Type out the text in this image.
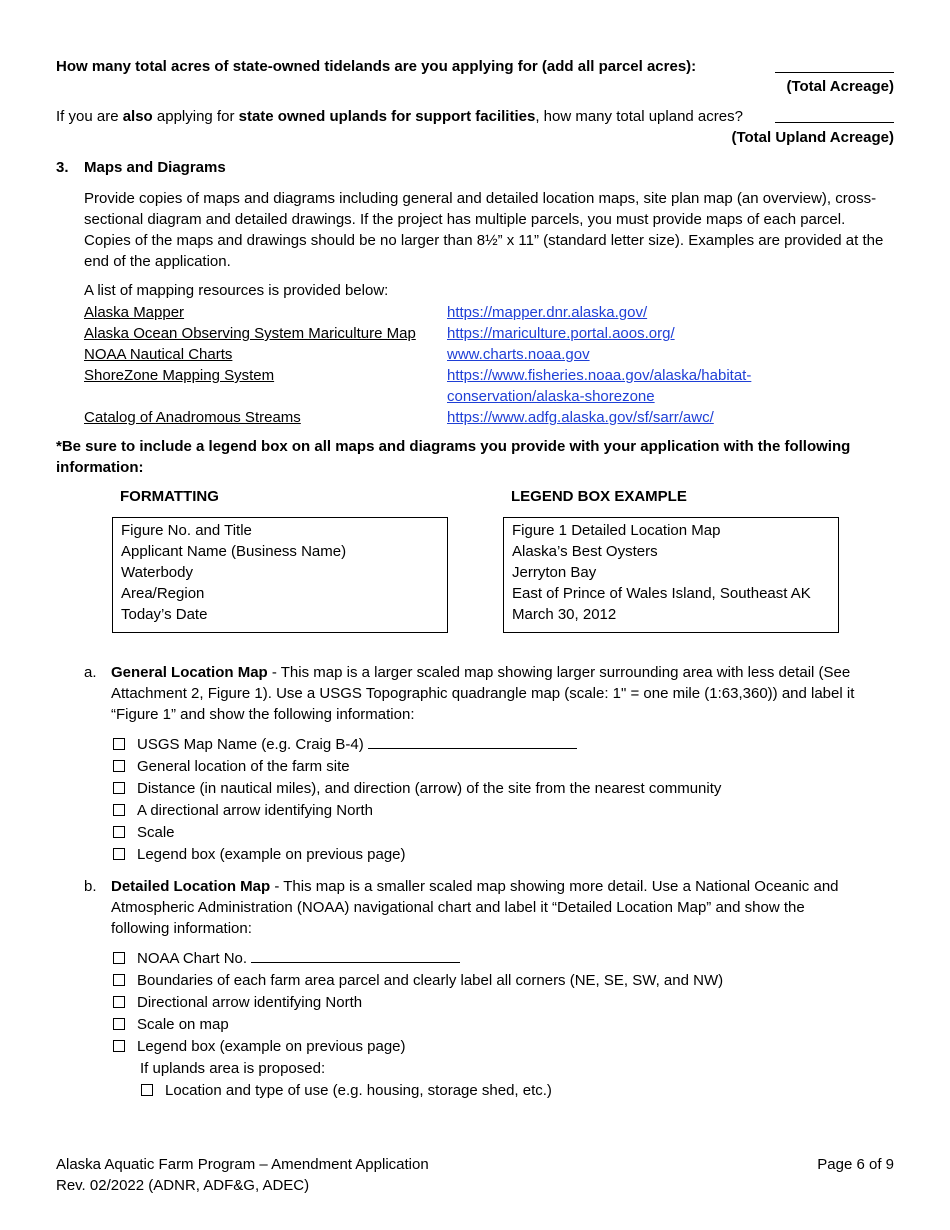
How many total acres of state-owned tidelands are you applying for (add all parcel acres):
(Total Acreage)
If you are also applying for state owned uplands for support facilities, how many total upland acres?
(Total Upland Acreage)
3. Maps and Diagrams
Provide copies of maps and diagrams including general and detailed location maps, site plan map (an overview), cross-sectional diagram and detailed drawings. If the project has multiple parcels, you must provide maps of each parcel. Copies of the maps and drawings should be no larger than 8½” x 11” (standard letter size). Examples are provided at the end of the application.
A list of mapping resources is provided below:
Alaska Mapper	https://mapper.dnr.alaska.gov/
Alaska Ocean Observing System Mariculture Map https://mariculture.portal.aoos.org/
NOAA Nautical Charts	www.charts.noaa.gov
ShoreZone Mapping System	https://www.fisheries.noaa.gov/alaska/habitat-
conservation/alaska-shorezone
Catalog of Anadromous Streams	https://www.adfg.alaska.gov/sf/sarr/awc/
*Be sure to include a legend box on all maps and diagrams you provide with your application with the following
information:
FORMATTING
Figure No. and Title
Applicant Name (Business Name)
Waterbody
Area/Region
Today’s Date
LEGEND BOX EXAMPLE
Figure 1 Detailed Location Map
Alaska’s Best Oysters
Jerryton Bay
East of Prince of Wales Island, Southeast AK
March 30, 2012
a. General Location Map - This map is a larger scaled map showing larger surrounding area with less detail (See
Attachment 2, Figure 1). Use a USGS Topographic quadrangle map (scale: 1" = one mile (1:63,360)) and label it
“Figure 1” and show the following information:
USGS Map Name (e.g. Craig B-4)
General location of the farm site
Distance (in nautical miles), and direction (arrow) of the site from the nearest community
A directional arrow identifying North
Scale
Legend box (example on previous page)
b. Detailed Location Map - This map is a smaller scaled map showing more detail. Use a National Oceanic and
Atmospheric Administration (NOAA) navigational chart and label it “Detailed Location Map” and show the
following information:
NOAA Chart No.
Boundaries of each farm area parcel and clearly label all corners (NE, SE, SW, and NW)
Directional arrow identifying North
Scale on map
Legend box (example on previous page)
If uplands area is proposed:
Location and type of use (e.g. housing, storage shed, etc.)
Alaska Aquatic Farm Program – Amendment Application
Rev. 02/2022 (ADNR, ADF&G, ADEC)
Page 6 of 9
